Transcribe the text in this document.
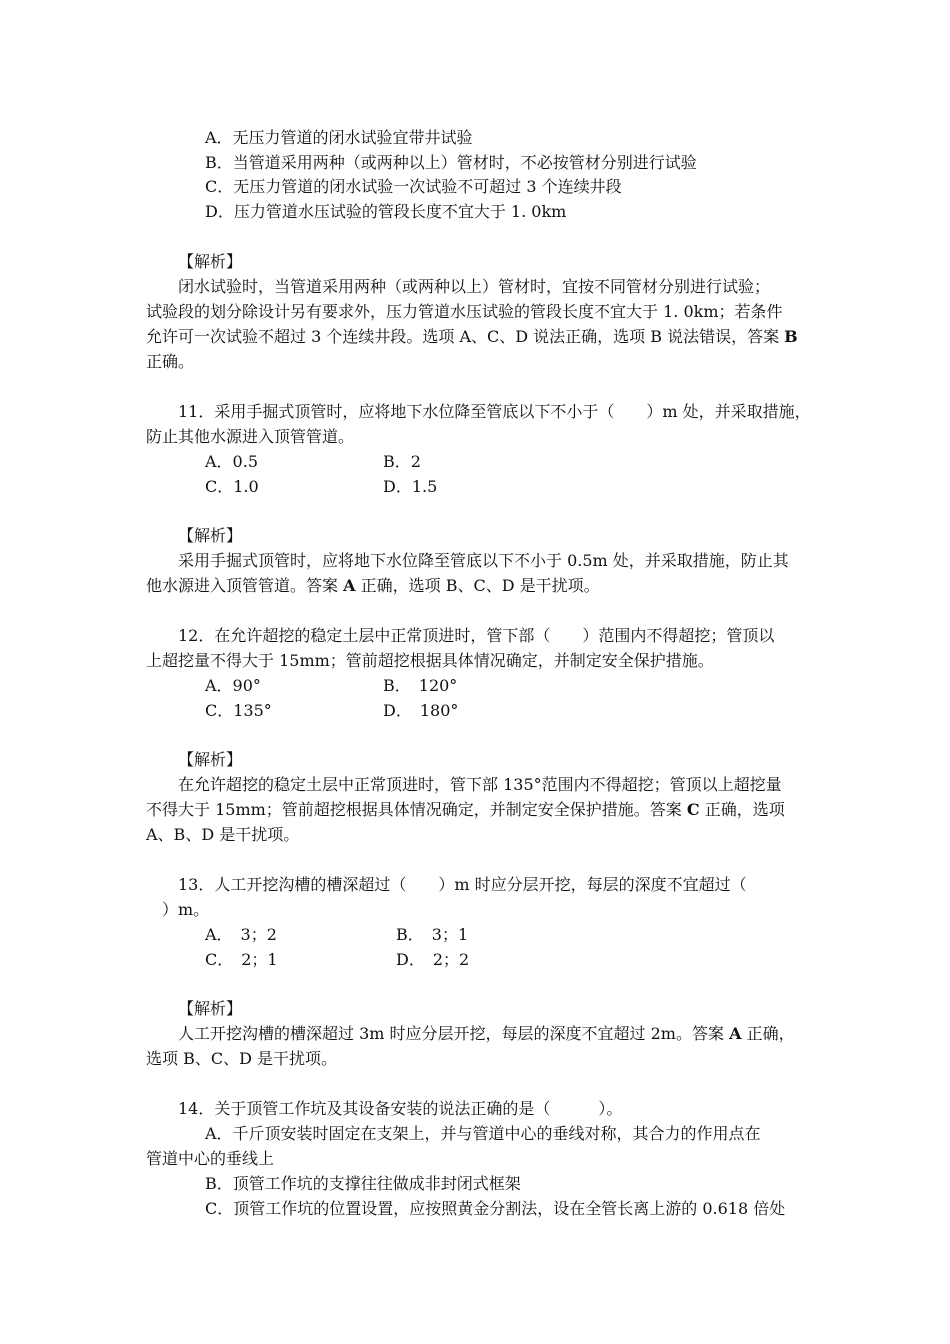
A．无压力管道的闭水试验宜带井试验
B．当管道采用两种（或两种以上）管材时，不必按管材分别进行试验
C．无压力管道的闭水试验一次试验不可超过 3 个连续井段
D．压力管道水压试验的管段长度不宜大于 1. 0km
【解析】
闭水试验时，当管道采用两种（或两种以上）管材时，宜按不同管材分别进行试验；
试验段的划分除设计另有要求外，压力管道水压试验的管段长度不宜大于 1. 0km；若条件
允许可一次试验不超过 3 个连续井段。选项 A、C、D 说法正确，选项 B 说法错误，答案 B
正确。
11．采用手掘式顶管时，应将地下水位降至管底以下不小于（　　）m 处，并采取措施，
防止其他水源进入顶管管道。
A．0.5	B．2
C．1.0	D．1.5
【解析】
采用手掘式顶管时，应将地下水位降至管底以下不小于 0.5m 处，并采取措施，防止其
他水源进入顶管管道。答案 A 正确，选项 B、C、D 是干扰项。
12．在允许超挖的稳定土层中正常顶进时，管下部（　　）范围内不得超挖；管顶以
上超挖量不得大于 15mm；管前超挖根据具体情况确定，并制定安全保护措施。
A．90°	B．　120°
C．135°	D．　180°
【解析】
在允许超挖的稳定土层中正常顶进时，管下部 135°范围内不得超挖；管顶以上超挖量
不得大于 15mm；管前超挖根据具体情况确定，并制定安全保护措施。答案 C 正确，选项
A、B、D 是干扰项。
13．人工开挖沟槽的槽深超过（　　）m 时应分层开挖，每层的深度不宜超过（
　）m。
A．　3；2	B．　3；1
C．　2；1	D．　2；2
【解析】
人工开挖沟槽的槽深超过 3m 时应分层开挖，每层的深度不宜超过 2m。答案 A 正确，
选项 B、C、D 是干扰项。
14．关于顶管工作坑及其设备安装的说法正确的是（　　　）。
A．千斤顶安装时固定在支架上，并与管道中心的垂线对称，其合力的作用点在
管道中心的垂线上
B．顶管工作坑的支撑往往做成非封闭式框架
C．顶管工作坑的位置设置，应按照黄金分割法，设在全管长离上游的 0.618 倍处
